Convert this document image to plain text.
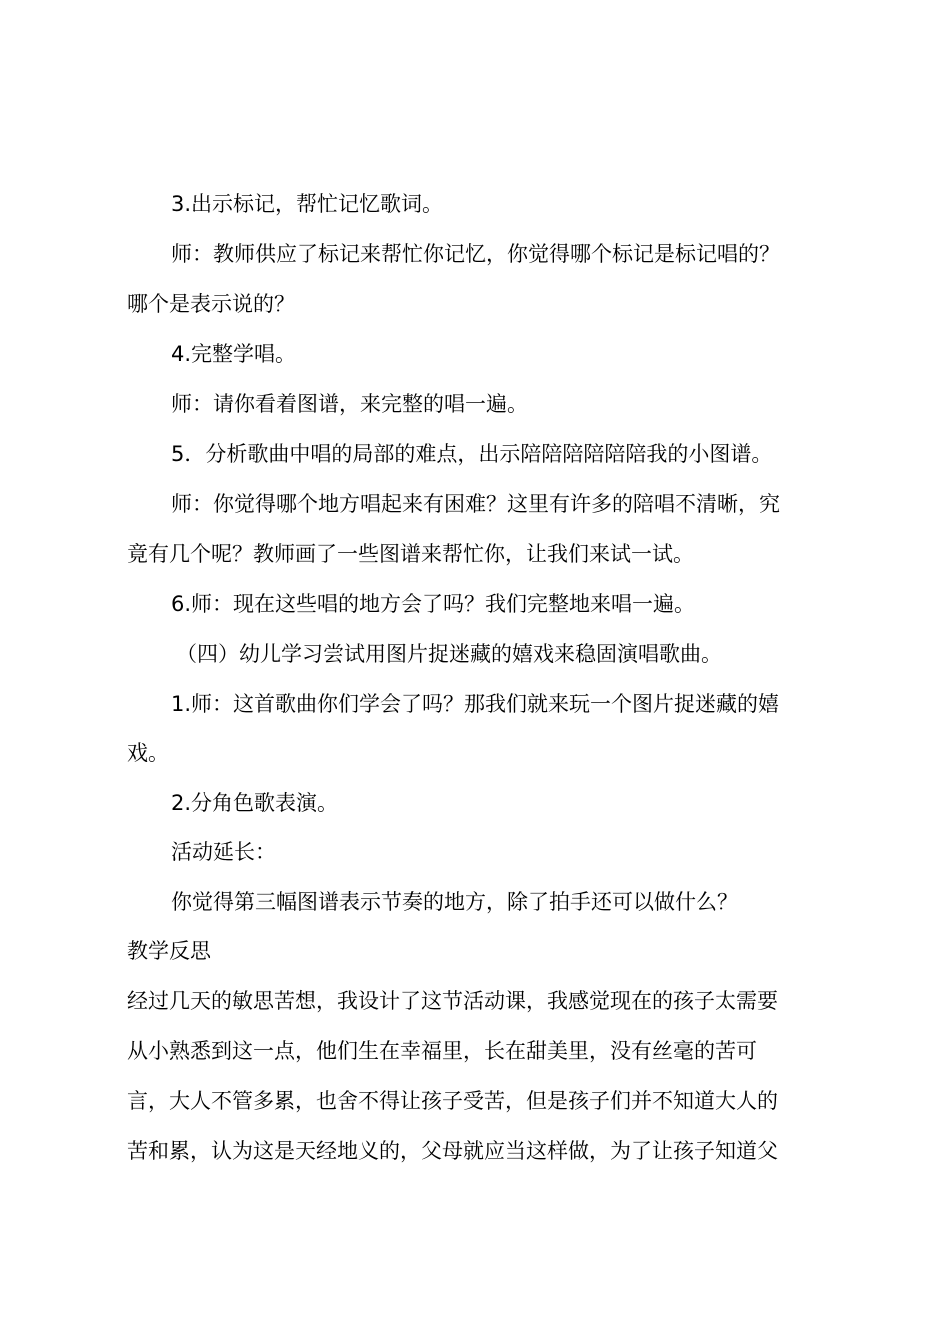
3.出示标记，帮忙记忆歌词。
师：教师供应了标记来帮忙你记忆，你觉得哪个标记是标记唱的？
哪个是表示说的？
4.完整学唱。
师：请你看着图谱，来完整的唱一遍。
5．分析歌曲中唱的局部的难点，出示陪陪陪陪陪陪我的小图谱。
师：你觉得哪个地方唱起来有困难？这里有许多的陪唱不清晰，究
竟有几个呢？教师画了一些图谱来帮忙你，让我们来试一试。
6.师：现在这些唱的地方会了吗？我们完整地来唱一遍。
（四）幼儿学习尝试用图片捉迷藏的嬉戏来稳固演唱歌曲。
1.师：这首歌曲你们学会了吗？那我们就来玩一个图片捉迷藏的嬉
戏。
2.分角色歌表演。
活动延长：
你觉得第三幅图谱表示节奏的地方，除了拍手还可以做什么？
教学反思
经过几天的敏思苦想，我设计了这节活动课，我感觉现在的孩子太需要
从小熟悉到这一点，他们生在幸福里，长在甜美里，没有丝毫的苦可
言，大人不管多累，也舍不得让孩子受苦，但是孩子们并不知道大人的
苦和累，认为这是天经地义的，父母就应当这样做，为了让孩子知道父
